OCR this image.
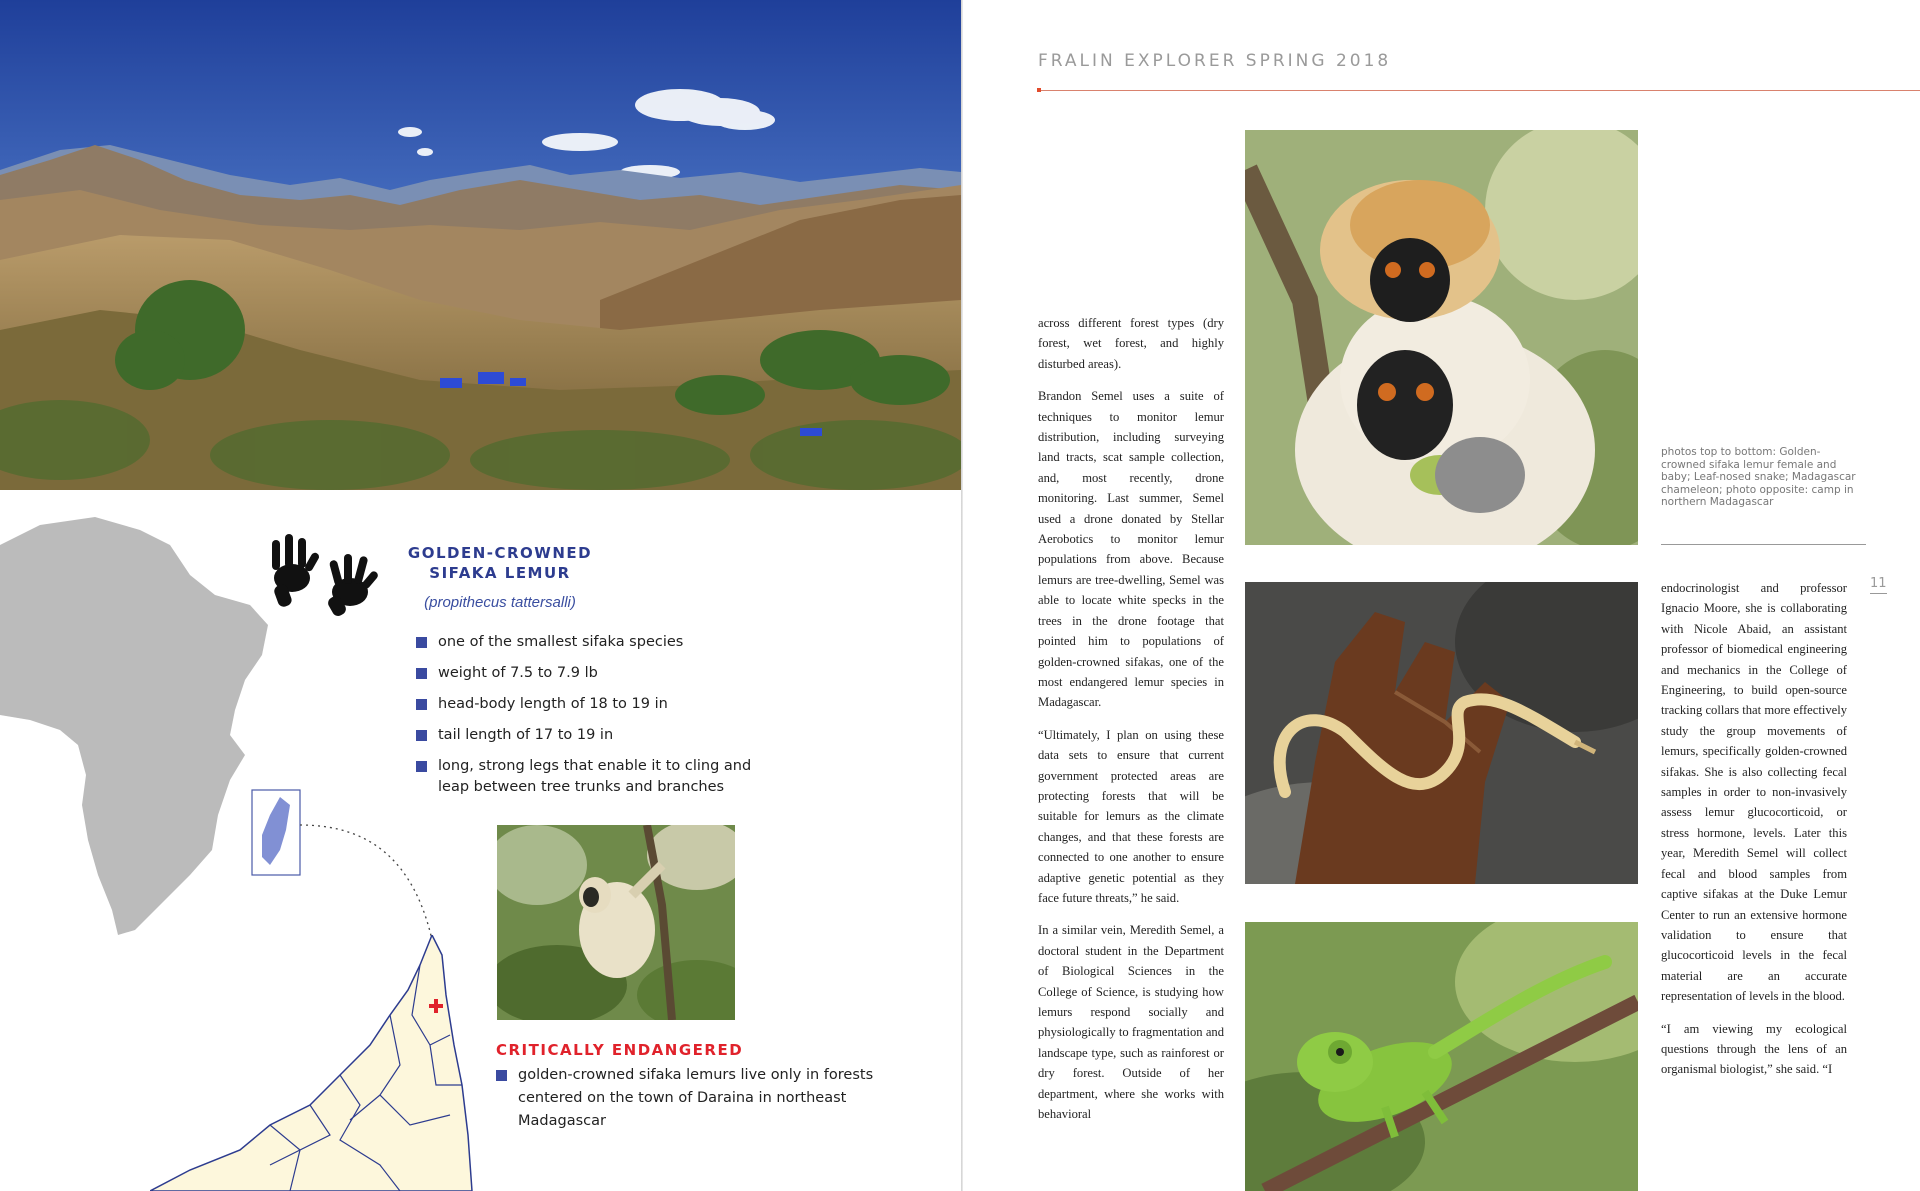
GOLDEN-CROWNED SIFAKA LEMUR
(propithecus tattersalli)
one of the smallest sifaka species
weight of 7.5 to 7.9 lb
head-body length of 18 to 19 in
tail length of 17 to 19 in
long, strong legs that enable it to cling and leap between tree trunks and branches
CRITICALLY ENDANGERED
golden-crowned sifaka lemurs live only in forests centered on the town of Daraina in northeast Madagascar
FRALIN EXPLORER SPRING 2018

across different forest types (dry forest, wet forest, and highly disturbed areas).

Brandon Semel uses a suite of techniques to monitor lemur distribution, including surveying land tracts, scat sample collection, and, most recently, drone monitoring. Last summer, Semel used a drone donated by Stellar Aerobotics to monitor lemur populations from above. Because lemurs are tree-dwelling, Semel was able to locate white specks in the trees in the drone footage that pointed him to populations of golden-crowned sifakas, one of the most endangered lemur species in Madagascar.

“Ultimately, I plan on using these data sets to ensure that current government protected areas are protecting forests that will be suitable for lemurs as the climate changes, and that these forests are connected to one another to ensure adaptive genetic potential as they face future threats,” he said.

In a similar vein, Meredith Semel, a doctoral student in the Department of Biological Sciences in the College of Science, is studying how lemurs respond socially and physiologically to fragmentation and landscape type, such as rainforest or dry forest. Outside of her department, where she works with behavioral

photos top to bottom: Golden-crowned sifaka lemur female and baby; Leaf-nosed snake; Madagascar chameleon; photo opposite: camp in northern Madagascar
11

endocrinologist and professor Ignacio Moore, she is collaborating with Nicole Abaid, an assistant professor of biomedical engineering and mechanics in the College of Engineering, to build open-source tracking collars that more effectively study the group movements of lemurs, specifically golden-crowned sifakas. She is also collecting fecal samples in order to non-invasively assess lemur glucocorticoid, or stress hormone, levels. Later this year, Meredith Semel will collect fecal and blood samples from captive sifakas at the Duke Lemur Center to run an extensive hormone validation to ensure that glucocorticoid levels in the fecal material are an accurate representation of levels in the blood.

“I am viewing my ecological questions through the lens of an organismal biologist,” she said. “I
